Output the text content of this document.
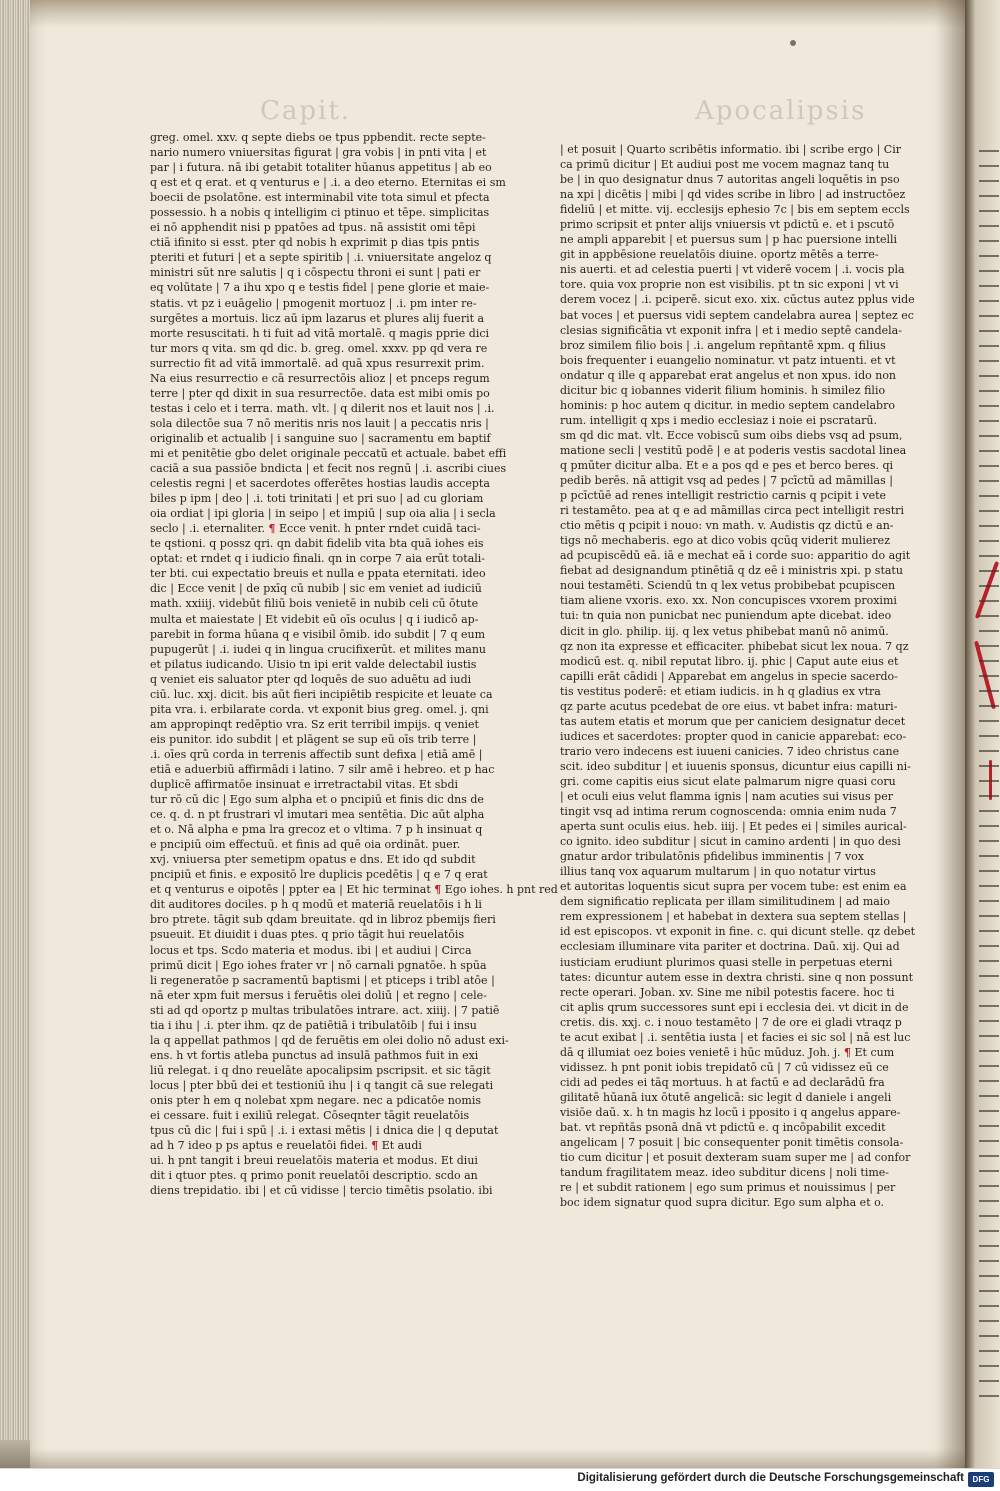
Capit.	Apocalipsis
greg. omel. xxv. q septe diebs oe tpus ppbendit. recte septe-
nario numero vniuersitas figurat | gra vobis | in pnti vita | et
par | i futura. nā ibi getabit totaliter hūanus appetitus | ab eo
q est et q erat. et q venturus e | .i. a deo eterno. Eternitas ei sm
boecii de psolatōne. est interminabil vite tota simul et pfecta
possessio. h a nobis q intelligim ci ptinuo et tēpe. simplicitas
ei nō apphendit nisi p ppatōes ad tpus. nā assistit omi tēpi
ctiā ifinito si esst. pter qd nobis h exprimit p dias tpis pntis
pteriti et futuri | et a septe spiritib | .i. vniuersitate angeloz q
ministri sūt nre salutis | q i cōspectu throni ei sunt | pati er
eq volūtate | 7 a ihu xpo q e testis fidel | pene glorie et maie-
statis. vt pz i euāgelio | pmogenit mortuoz | .i. pm inter re-
surgētes a mortuis. licz aū ipm lazarus et plures alij fuerit a
morte resuscitati. h ti fuit ad vitā mortalē. q magis pprie dici
tur mors q vita. sm qd dic. b. greg. omel. xxxv. pp qd vera re
surrectio fit ad vitā immortalē. ad quā xpus resurrexit prim.
Na eius resurrectio e cā resurrectōis alioz | et pnceps regum
terre | pter qd dixit in sua resurrectōe. data est mibi omis po
testas i celo et i terra. math. vlt. | q dilerit nos et lauit nos | .i.
sola dilectōe sua 7 nō meritis nris nos lauit | a peccatis nris |
originalib et actualib | i sanguine suo | sacramentu em baptif
mi et penitētie gbo delet originale peccatū et actuale. babet effi
caciā a sua passiōe bndicta | et fecit nos regnū | .i. ascribi ciues
celestis regni | et sacerdotes offerētes hostias laudis accepta
biles p ipm | deo | .i. toti trinitati | et pri suo | ad cu gloriam
oia ordiat | ipi gloria | in seipo | et impiū | sup oia alia | i secla
seclo | .i. eternaliter. ¶ Ecce venit. h pnter rndet cuidā taci-
te qstioni. q possz qri. qn dabit fidelib vita bta quā iohes eis
optat: et rndet q i iudicio finali. qn in corpe 7 aia erūt totali-
ter bti. cui expectatio breuis et nulla e ppata eternitati. ideo
dic | Ecce venit | de pxīq cū nubib | sic em veniet ad iudiciū
math. xxiiij. videbūt filiū bois venietē in nubib celi cū ōtute
multa et maiestate | Et videbit eū oīs oculus | q i iudicō ap-
parebit in forma hūana q e visibil ōmib. ido subdit | 7 q eum
pupugerūt | .i. iudei q in lingua crucifixerūt. et milites manu
et pilatus iudicando. Uisio tn ipi erit valde delectabil iustis
q veniet eis saluator pter qd loquēs de suo aduētu ad iudi
ciū. luc. xxj. dicit. bis aūt fieri incipiētib respicite et leuate ca
pita vra. i. erbilarate corda. vt exponit bius greg. omel. j. qni
am appropinqt redēptio vra. Sz erit terribil impijs. q veniet
eis punitor. ido subdit | et plāgent se sup eū oīs trib terre |
.i. oīes qrū corda in terrenis affectib sunt defixa | etiā amē |
etiā e aduerbiū affirmādi i latino. 7 silr amē i hebreo. et p hac
duplicē affirmatōe insinuat e irretractabil vitas. Et sbdi
tur rō cū dic | Ego sum alpha et o pncipiū et finis dic dns de
ce. q. d. n pt frustrari vl imutari mea sentētia. Dic aūt alpha
et o. Nā alpha e pma lra grecoz et o vltima. 7 p h insinuat q
e pncipiū oim effectuū. et finis ad quē oia ordināt. puer.
xvj. vniuersa pter semetipm opatus e dns. Et ido qd subdit
pncipiū et finis. e expositō lre duplicis pcedētis | q e 7 q erat
et q venturus e oipotēs | ppter ea | Et hic terminat ¶ Ego iohes. h pnt red
dit auditores dociles. p h q modū et materiā reuelatōis i h li
bro ptrete. tāgit sub qdam breuitate. qd in libroz pbemijs fieri
psueuit. Et diuidit i duas ptes. q prio tāgit hui reuelatōis
locus et tps. Scdo materia et modus. ibi | et audiui | Circa
primū dicit | Ego iohes frater vr | nō carnali pgnatōe. h spūa
li regeneratōe p sacramentū baptismi | et pticeps i tribl atōe |
nā eter xpm fuit mersus i feruētis olei doliū | et regno | cele-
sti ad qd oportz p multas tribulatōes intrare. act. xiiij. | 7 patiē
tia i ihu | .i. pter ihm. qz de patiētiā i tribulatōib | fui i insu
la q appellat pathmos | qd de feruētis em olei dolio nō adust exi-
ens. h vt fortis atleba punctus ad insulā pathmos fuit in exi
liū relegat. i q dno reuelāte apocalipsim pscripsit. et sic tāgit
locus | pter bbū dei et testioniū ihu | i q tangit cā sue relegati
onis pter h em q nolebat xpm negare. nec a pdicatōe nomis
ei cessare. fuit i exiliū relegat. Cōseqnter tāgit reuelatōis
tpus cū dic | fui i spū | .i. i extasi mētis | i dnica die | q deputat
ad h 7 ideo p ps aptus e reuelatōi fidei. ¶ Et audi
ui. h pnt tangit i breui reuelatōis materia et modus. Et diui
dit i qtuor ptes. q primo ponit reuelatōi descriptio. scdo an
diens trepidatio. ibi | et cū vidisse | tercio timētis psolatio. ibi
| et posuit | Quarto scribētis informatio. ibi | scribe ergo | Cir
ca primū dicitur | Et audiui post me vocem magnaz tanq tu
be | in quo designatur dnus 7 autoritas angeli loquētis in pso
na xpi | dicētis | mibi | qd vides scribe in libro | ad instructōez
fideliū | et mitte. vij. ecclesijs ephesio 7c | bis em septem eccls
primo scripsit et pnter alijs vniuersis vt pdictū e. et i pscutō
ne ampli apparebit | et puersus sum | p hac puersione intelli
git in appbēsione reuelatōis diuine. oportz mētēs a terre-
nis auerti. et ad celestia puerti | vt viderē vocem | .i. vocis pla
tore. quia vox proprie non est visibilis. pt tn sic exponi | vt vi
derem vocez | .i. pciperē. sicut exo. xix. cūctus autez pplus vide
bat voces | et puersus vidi septem candelabra aurea | septez ec
clesias significātia vt exponit infra | et i medio septē candela-
broz similem filio bois | .i. angelum repñtantē xpm. q filius
bois frequenter i euangelio nominatur. vt patz intuenti. et vt
ondatur q ille q apparebat erat angelus et non xpus. ido non
dicitur bic q iobannes viderit filium hominis. h similez filio
hominis: p hoc autem q dicitur. in medio septem candelabro
rum. intelligit q xps i medio ecclesiaz i noie ei pscratarū.
sm qd dic mat. vlt. Ecce vobiscū sum oibs diebs vsq ad psum,
matione secli | vestitū podē | e at poderis vestis sacdotal linea
q pmūter dicitur alba. Et e a pos qd e pes et berco beres. qi
pedib berēs. nā attigit vsq ad pedes | 7 pcīctū ad māmillas |
p pcīctūē ad renes intelligit restrictio carnis q pcipit i vete
ri testamēto. pea at q e ad māmillas circa pect intelligit restri
ctio mētis q pcipit i nouo: vn math. v. Audistis qz dictū e an-
tigs nō mechaberis. ego at dico vobis qcūq viderit mulierez
ad pcupiscēdū eā. iā e mechat eā i corde suo: apparitio do agit
fiebat ad designandum ptinētiā q dz eē i ministris xpi. p statu
noui testamēti. Sciendū tn q lex vetus probibebat pcupiscen
tiam aliene vxoris. exo. xx. Non concupisces vxorem proximi
tui: tn quia non punicbat nec puniendum apte dicebat. ideo
dicit in glo. philip. iij. q lex vetus phibebat manū nō animū.
qz non ita expresse et efficaciter. phibebat sicut lex noua. 7 qz
modicū est. q. nibil reputat libro. ij. phic | Caput aute eius et
capilli erāt cādidi | Apparebat em angelus in specie sacerdo-
tis vestitus poderē: et etiam iudicis. in h q gladius ex vtra
qz parte acutus pcedebat de ore eius. vt babet infra: maturi-
tas autem etatis et morum que per caniciem designatur decet
iudices et sacerdotes: propter quod in canicie apparebat: eco-
trario vero indecens est iuueni canicies. 7 ideo christus cane
scit. ideo subditur | et iuuenis sponsus, dicuntur eius capilli ni-
gri. come capitis eius sicut elate palmarum nigre quasi coru
| et oculi eius velut flamma ignis | nam acuties sui visus per
tingit vsq ad intima rerum cognoscenda: omnia enim nuda 7
aperta sunt oculis eius. heb. iiij. | Et pedes ei | similes aurical-
co ignito. ideo subditur | sicut in camino ardenti | in quo desi
gnatur ardor tribulatōnis pfidelibus imminentis | 7 vox
illius tanq vox aquarum multarum | in quo notatur virtus
et autoritas loquentis sicut supra per vocem tube: est enim ea
dem significatio replicata per illam similitudinem | ad maio
rem expressionem | et habebat in dextera sua septem stellas |
id est episcopos. vt exponit in fine. c. qui dicunt stelle. qz debet
ecclesiam illuminare vita pariter et doctrina. Daū. xij. Qui ad
iusticiam erudiunt plurimos quasi stelle in perpetuas eterni
tates: dicuntur autem esse in dextra christi. sine q non possunt
recte operari. Joban. xv. Sine me nibil potestis facere. hoc ti
cit aplis qrum successores sunt epi i ecclesia dei. vt dicit in de
cretis. dis. xxj. c. i nouo testamēto | 7 de ore ei gladi vtraqz p
te acut exibat | .i. sentētia iusta | et facies ei sic sol | nā est luc
dā q illumiat oez boies venietē i hūc mūduz. Joh. j. ¶ Et cum
vidissez. h pnt ponit iobis trepidatō cū | 7 cū vidissez eū ce
cidi ad pedes ei tāq mortuus. h at factū e ad declarādū fra
gilitatē hūanā iux ōtutē angelicā: sic legit d daniele i angeli
visiōe daū. x. h tn magis hz locū i pposito i q angelus appare-
bat. vt repñtās psonā dnā vt pdictū e. q incōpabilit excedit
angelicam | 7 posuit | bic consequenter ponit timētis consola-
tio cum dicitur | et posuit dexteram suam super me | ad confor
tandum fragilitatem meaz. ideo subditur dicens | noli time-
re | et subdit rationem | ego sum primus et nouissimus | per
boc idem signatur quod supra dicitur. Ego sum alpha et o.
Digitalisierung gefördert durch die Deutsche Forschungsgemeinschaft	DFG
